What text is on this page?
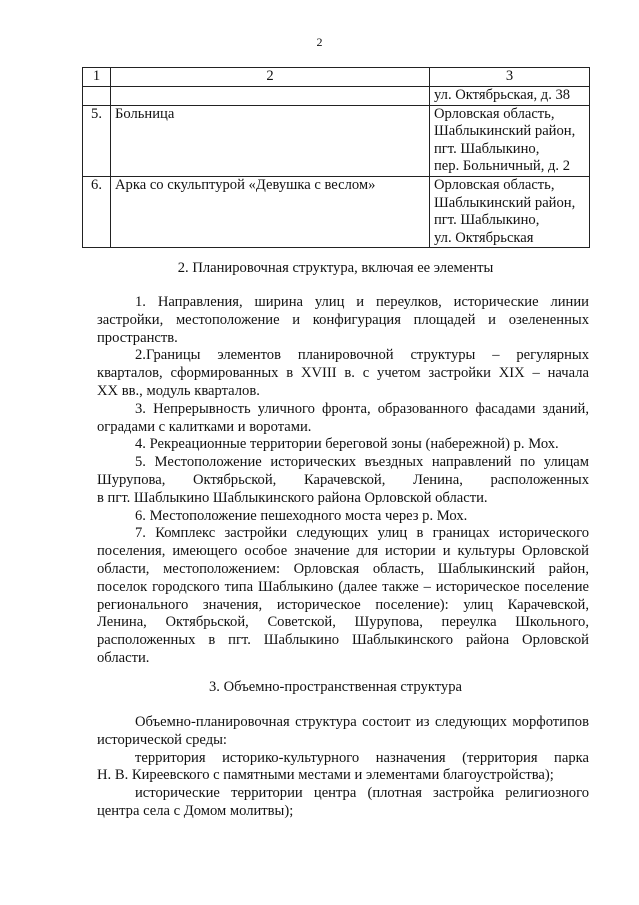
2
1	2	3
		ул. Октябрьская, д. 38
5.	Больница	Орловская область,
Шаблыкинский район,
пгт. Шаблыкино,
пер. Больничный, д. 2

6.	Арка со скульптурой «Девушка с веслом»	Орловская область,
Шаблыкинский район,
пгт. Шаблыкино,
ул. Октябрьская
2. Планировочная структура, включая ее элементы
1. Направления, ширина улиц и переулков, исторические линии
застройки, местоположение и конфигурация площадей и озелененных
пространств.
2.Границы элементов планировочной структуры – регулярных
кварталов, сформированных в XVIII в. с учетом застройки XIX – начала
XX вв., модуль кварталов.
3. Непрерывность уличного фронта, образованного фасадами зданий,
оградами с калитками и воротами.
4. Рекреационные территории береговой зоны (набережной) р. Мох.
5. Местоположение исторических въездных направлений по улицам
Шурупова, Октябрьской, Карачевской, Ленина, расположенных
в пгт. Шаблыкино Шаблыкинского района Орловской области.
6. Местоположение пешеходного моста через р. Мох.
7. Комплекс застройки следующих улиц в границах исторического
поселения, имеющего особое значение для истории и культуры Орловской
области, местоположением: Орловская область, Шаблыкинский район,
поселок городского типа Шаблыкино (далее также – историческое поселение
регионального значения, историческое поселение): улиц Карачевской,
Ленина, Октябрьской, Советской, Шурупова, переулка Школьного,
расположенных в пгт. Шаблыкино Шаблыкинского района Орловской
области.
3. Объемно-пространственная структура
Объемно-планировочная структура состоит из следующих морфотипов
исторической среды:
территория историко-культурного назначения (территория парка
Н. В. Киреевского с памятными местами и элементами благоустройства);
исторические территории центра (плотная застройка религиозного
центра села с Домом молитвы);
